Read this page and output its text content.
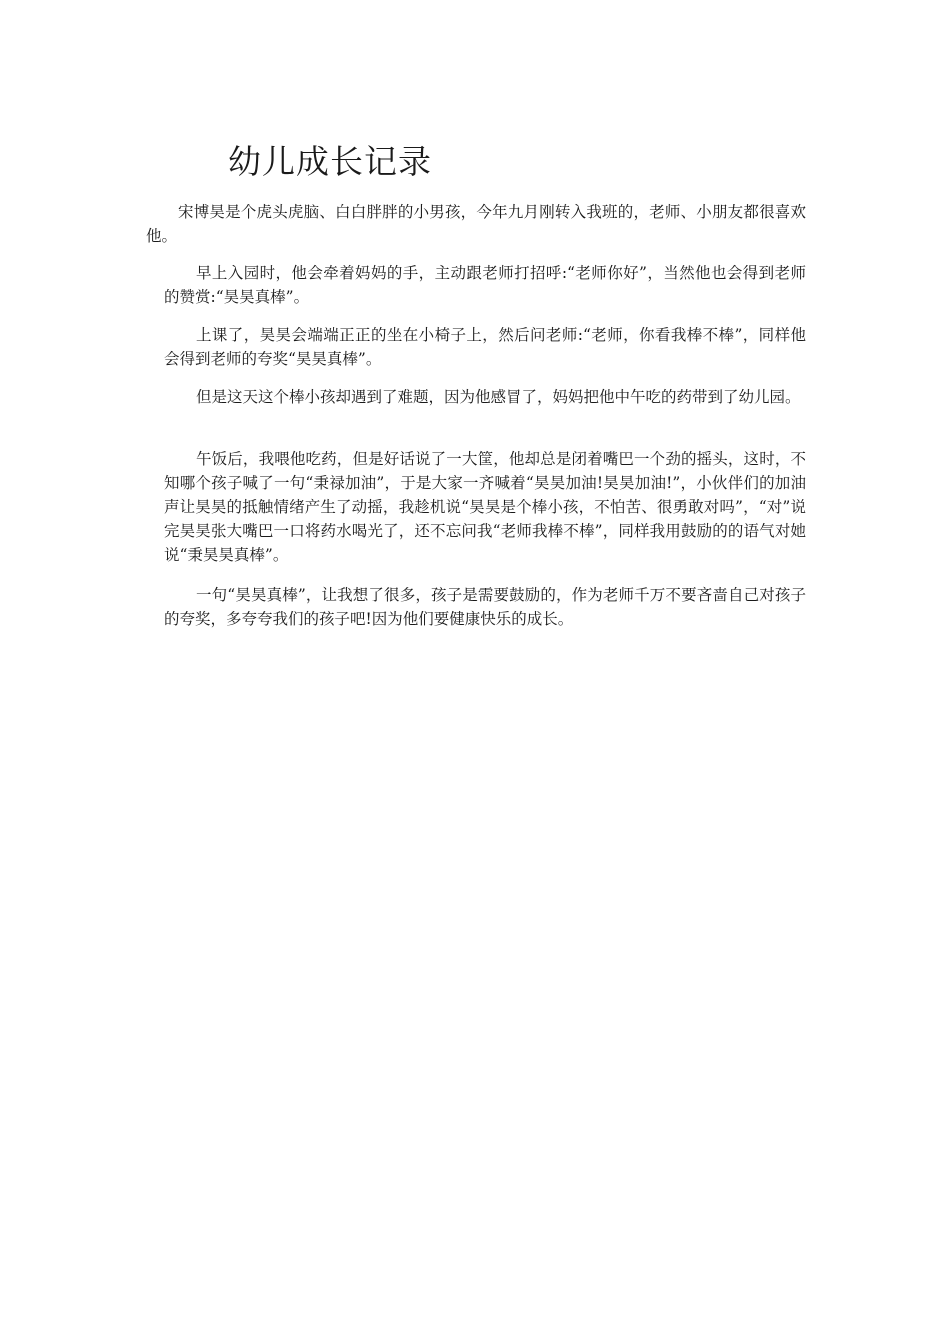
幼儿成长记录

宋博昊是个虎头虎脑、白白胖胖的小男孩，今年九月刚转入我班的，老师、小朋友都很喜欢他。

早上入园时，他会牵着妈妈的手，主动跟老师打招呼:“老师你好”，当然他也会得到老师的赞赏:“昊昊真棒”。

上课了，昊昊会端端正正的坐在小椅子上，然后问老师:“老师，你看我棒不棒”，同样他会得到老师的夸奖“昊昊真棒”。

但是这天这个棒小孩却遇到了难题，因为他感冒了，妈妈把他中午吃的药带到了幼儿园。

午饭后，我喂他吃药，但是好话说了一大筐，他却总是闭着嘴巴一个劲的摇头，这时，不知哪个孩子喊了一句“秉禄加油”，于是大家一齐喊着“昊昊加油!昊昊加油!”，小伙伴们的加油声让昊昊的抵触情绪产生了动摇，我趁机说“昊昊是个棒小孩，不怕苦、很勇敢对吗”，“对”说完昊昊张大嘴巴一口将药水喝光了，还不忘问我“老师我棒不棒”，同样我用鼓励的的语气对她说“秉昊昊真棒”。

一句“昊昊真棒”，让我想了很多，孩子是需要鼓励的，作为老师千万不要吝啬自己对孩子的夸奖，多夸夸我们的孩子吧!因为他们要健康快乐的成长。
